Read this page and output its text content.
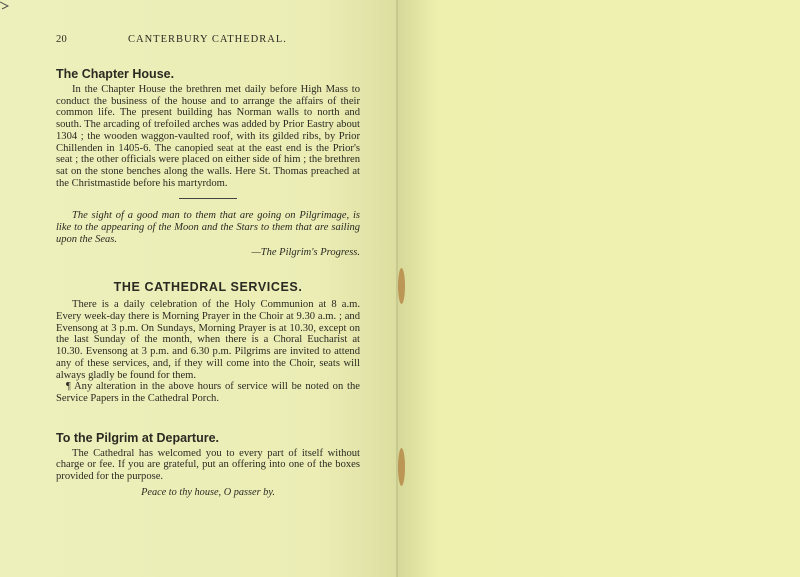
20	CANTERBURY CATHEDRAL.
The Chapter House.

In the Chapter House the brethren met daily before High Mass to conduct the business of the house and to arrange the affairs of their common life. The present building has Norman walls to north and south. The arcading of trefoiled arches was added by Prior Eastry about 1304 ; the wooden waggon-vaulted roof, with its gilded ribs, by Prior Chillenden in 1405-6. The canopied seat at the east end is the Prior's seat ; the other officials were placed on either side of him ; the brethren sat on the stone benches along the walls. Here St. Thomas preached at the Christmastide before his martyrdom.

The sight of a good man to them that are going on Pilgrimage, is like to the appearing of the Moon and the Stars to them that are sailing upon the Seas.

—The Pilgrim's Progress.
THE CATHEDRAL SERVICES.

There is a daily celebration of the Holy Communion at 8 a.m. Every week-day there is Morning Prayer in the Choir at 9.30 a.m. ; and Evensong at 3 p.m. On Sundays, Morning Prayer is at 10.30, except on the last Sunday of the month, when there is a Choral Eucharist at 10.30. Evensong at 3 p.m. and 6.30 p.m. Pilgrims are invited to attend any of these services, and, if they will come into the Choir, seats will always gladly be found for them.

¶ Any alteration in the above hours of service will be noted on the Service Papers in the Cathedral Porch.

To the Pilgrim at Departure.

The Cathedral has welcomed you to every part of itself without charge or fee. If you are grateful, put an offering into one of the boxes provided for the purpose.

Peace to thy house, O passer by.
